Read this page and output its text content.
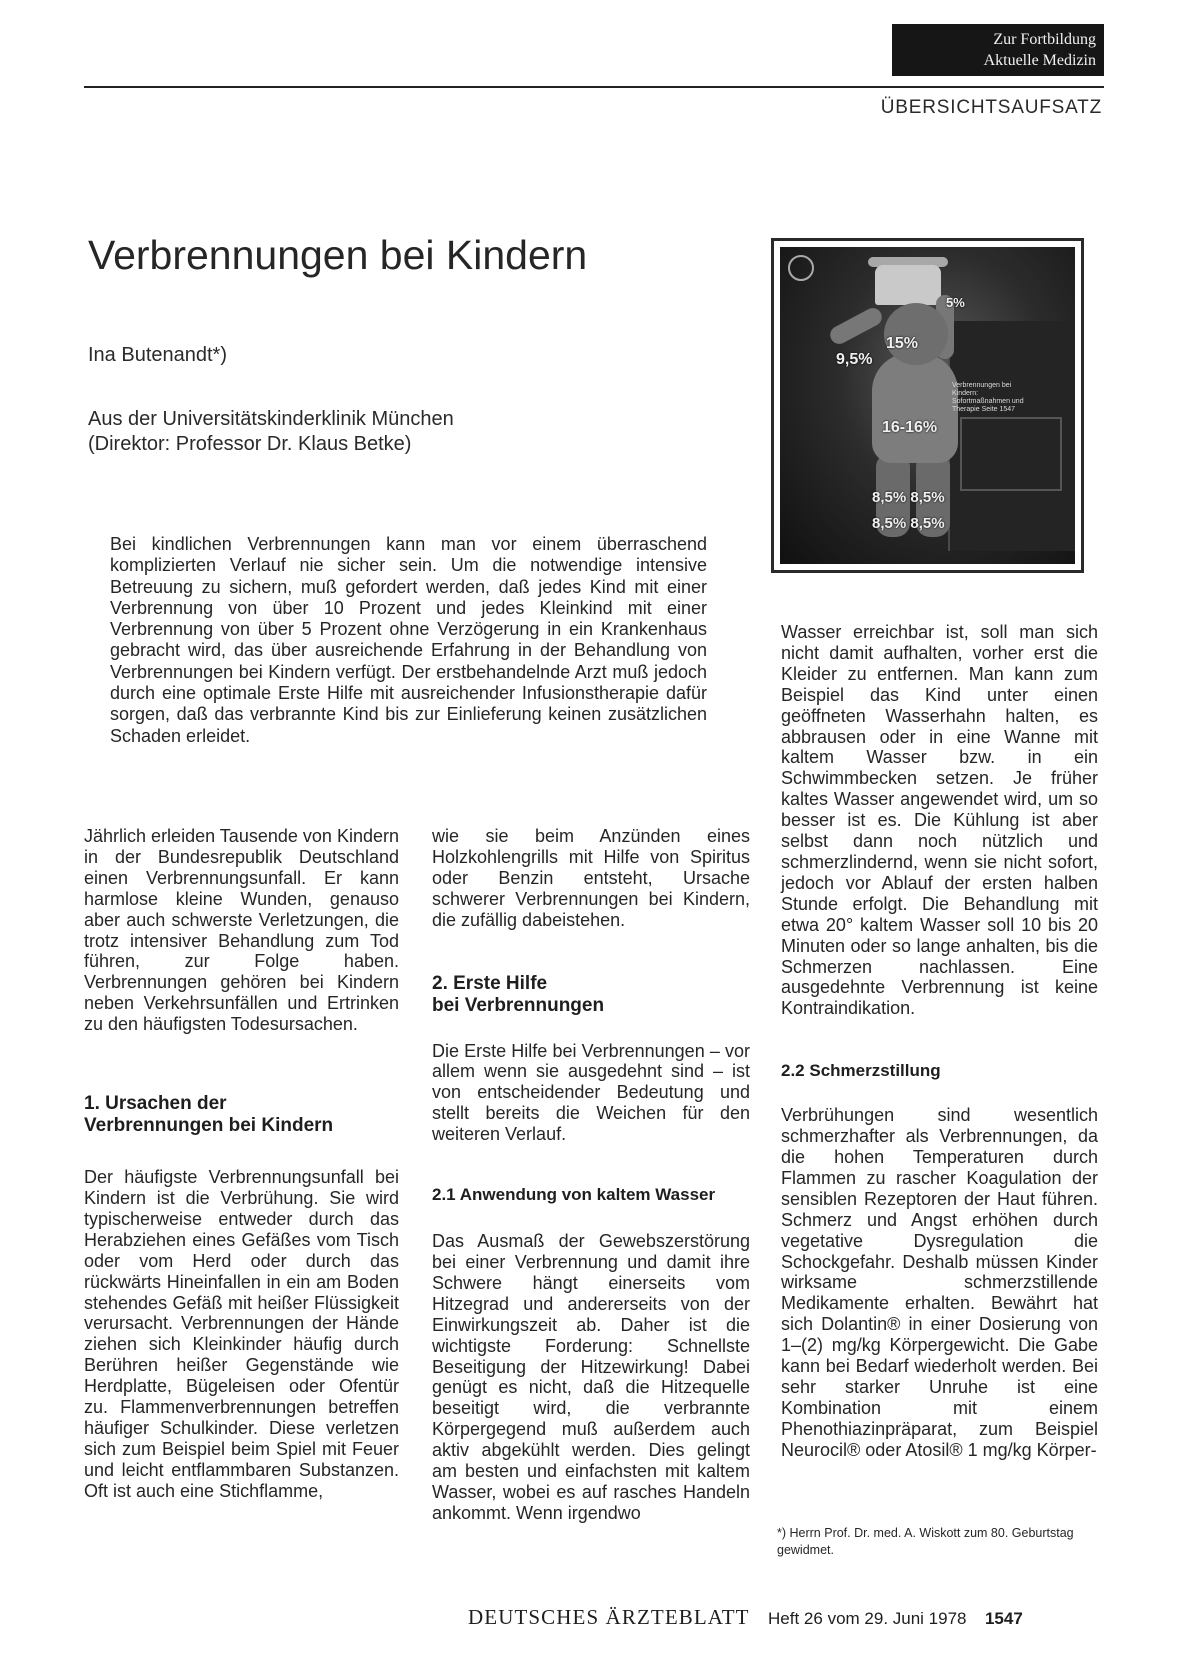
Zur Fortbildung
Aktuelle Medizin
ÜBERSICHTSAUFSATZ
Verbrennungen bei Kindern
Ina Butenandt*)
Aus der Universitätskinderklinik München
(Direktor: Professor Dr. Klaus Betke)
15%
9,5%
16-16%
8,5% 8,5%
8,5% 8,5%
5%
Verbrennungen bei Kindern: Sofortmaßnahmen und Therapie Seite 1547

Bei kindlichen Verbrennungen kann man vor einem überraschend komplizierten Verlauf nie sicher sein. Um die notwendige intensive Betreuung zu sichern, muß gefordert werden, daß jedes Kind mit einer Verbrennung von über 10 Prozent und jedes Kleinkind mit einer Verbrennung von über 5 Prozent ohne Verzögerung in ein Krankenhaus gebracht wird, das über ausreichende Erfahrung in der Behandlung von Verbrennungen bei Kindern verfügt. Der erstbehandelnde Arzt muß jedoch durch eine optimale Erste Hilfe mit ausreichender Infusionstherapie dafür sorgen, daß das verbrannte Kind bis zur Einlieferung keinen zusätzlichen Schaden erleidet.

Jährlich erleiden Tausende von Kindern in der Bundesrepublik Deutschland einen Verbrennungsunfall. Er kann harmlose kleine Wunden, genauso aber auch schwerste Verletzungen, die trotz intensiver Behandlung zum Tod führen, zur Folge haben. Verbrennungen gehören bei Kindern neben Verkehrsunfällen und Ertrinken zu den häufigsten Todesursachen.

1. Ursachen der
Verbrennungen bei Kindern

Der häufigste Verbrennungsunfall bei Kindern ist die Verbrühung. Sie wird typischerweise entweder durch das Herabziehen eines Gefäßes vom Tisch oder vom Herd oder durch das rückwärts Hineinfallen in ein am Boden stehendes Gefäß mit heißer Flüssigkeit verursacht. Verbrennungen der Hände ziehen sich Kleinkinder häufig durch Berühren heißer Gegenstände wie Herdplatte, Bügeleisen oder Ofentür zu. Flammenverbrennungen betreffen häufiger Schulkinder. Diese verletzen sich zum Beispiel beim Spiel mit Feuer und leicht entflammbaren Substanzen. Oft ist auch eine Stichflamme,

wie sie beim Anzünden eines Holzkohlengrills mit Hilfe von Spiritus oder Benzin entsteht, Ursache schwerer Verbrennungen bei Kindern, die zufällig dabeistehen.

2. Erste Hilfe
bei Verbrennungen

Die Erste Hilfe bei Verbrennungen – vor allem wenn sie ausgedehnt sind – ist von entscheidender Bedeutung und stellt bereits die Weichen für den weiteren Verlauf.

2.1 Anwendung von kaltem Wasser

Das Ausmaß der Gewebszerstörung bei einer Verbrennung und damit ihre Schwere hängt einerseits vom Hitzegrad und andererseits von der Einwirkungszeit ab. Daher ist die wichtigste Forderung: Schnellste Beseitigung der Hitzewirkung! Dabei genügt es nicht, daß die Hitzequelle beseitigt wird, die verbrannte Körpergegend muß außerdem auch aktiv abgekühlt werden. Dies gelingt am besten und einfachsten mit kaltem Wasser, wobei es auf rasches Handeln ankommt. Wenn irgendwo

Wasser erreichbar ist, soll man sich nicht damit aufhalten, vorher erst die Kleider zu entfernen. Man kann zum Beispiel das Kind unter einen geöffneten Wasserhahn halten, es abbrausen oder in eine Wanne mit kaltem Wasser bzw. in ein Schwimmbecken setzen. Je früher kaltes Wasser angewendet wird, um so besser ist es. Die Kühlung ist aber selbst dann noch nützlich und schmerzlindernd, wenn sie nicht sofort, jedoch vor Ablauf der ersten halben Stunde erfolgt. Die Behandlung mit etwa 20° kaltem Wasser soll 10 bis 20 Minuten oder so lange anhalten, bis die Schmerzen nachlassen. Eine ausgedehnte Verbrennung ist keine Kontraindikation.

2.2 Schmerzstillung

Verbrühungen sind wesentlich schmerzhafter als Verbrennungen, da die hohen Temperaturen durch Flammen zu rascher Koagulation der sensiblen Rezeptoren der Haut führen. Schmerz und Angst erhöhen durch vegetative Dysregulation die Schockgefahr. Deshalb müssen Kinder wirksame schmerzstillende Medikamente erhalten. Bewährt hat sich Dolantin® in einer Dosierung von 1–(2) mg/kg Körpergewicht. Die Gabe kann bei Bedarf wiederholt werden. Bei sehr starker Unruhe ist eine Kombination mit einem Phenothiazinpräparat, zum Beispiel Neurocil® oder Atosil® 1 mg/kg Körper-

*) Herrn Prof. Dr. med. A. Wiskott zum 80. Geburtstag gewidmet.

DEUTSCHES ÄRZTEBLATT Heft 26 vom 29. Juni 1978 1547
